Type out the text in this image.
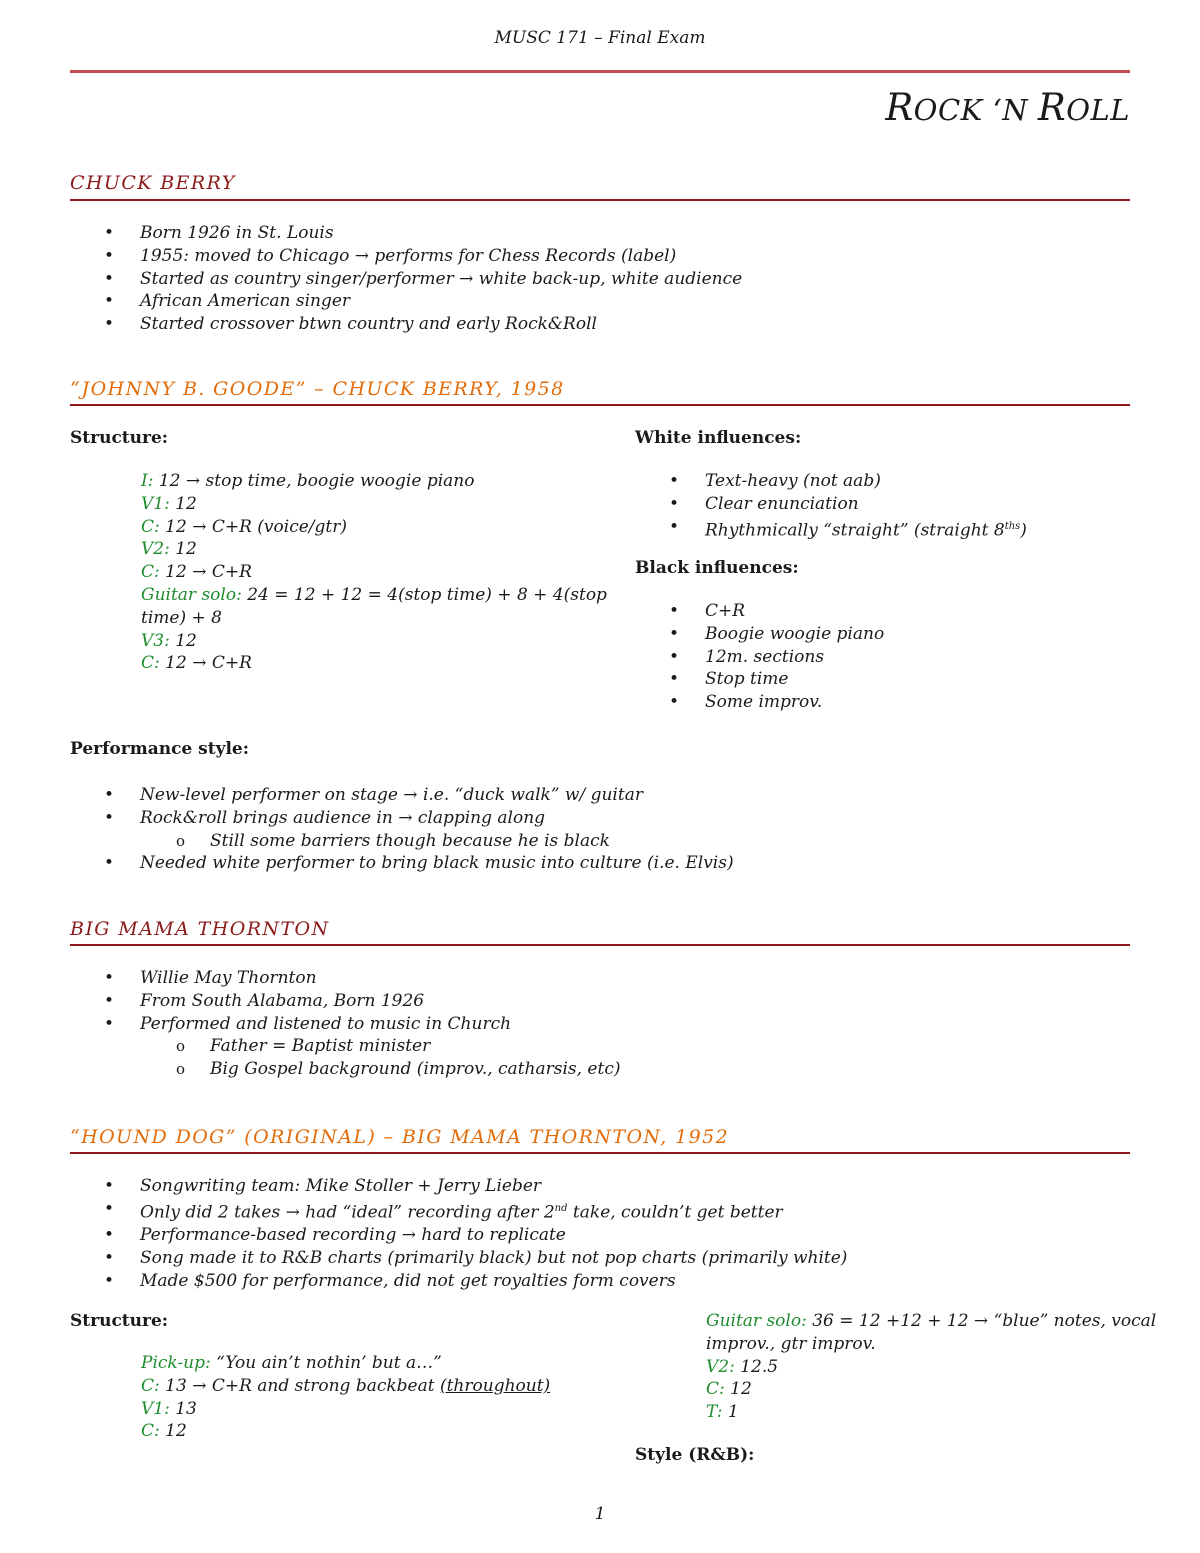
MUSC 171 – Final Exam
ROCK ‘N ROLL
CHUCK BERRY
• Born 1926 in St. Louis
• 1955: moved to Chicago → performs for Chess Records (label)
• Started as country singer/performer → white back-up, white audience
• African American singer
• Started crossover btwn country and early Rock&Roll
“JOHNNY B. GOODE” – CHUCK BERRY, 1958
Structure:
I: 12 → stop time, boogie woogie piano
V1: 12
C: 12 → C+R (voice/gtr)
V2: 12
C: 12 → C+R
Guitar solo: 24 = 12 + 12 = 4(stop time) + 8 + 4(stop
time) + 8
V3: 12
C: 12 → C+R
White influences:
• Text-heavy (not aab)
• Clear enunciation
• Rhythmically “straight” (straight $8^{ths}$)
Black influences:
• C+R
• Boogie woogie piano
• 12m. sections
• Stop time
• Some improv.
Performance style:
• New-level performer on stage → i.e. “duck walk” w/ guitar
• Rock&roll brings audience in → clapping along
o Still some barriers though because he is black
• Needed white performer to bring black music into culture (i.e. Elvis)
BIG MAMA THORNTON
• Willie May Thornton
• From South Alabama, Born 1926
• Performed and listened to music in Church
o Father = Baptist minister
o Big Gospel background (improv., catharsis, etc)
“HOUND DOG” (ORIGINAL) – BIG MAMA THORNTON, 1952
• Songwriting team: Mike Stoller + Jerry Lieber
• Only did 2 takes → had “ideal” recording after 2nd take, couldn’t get better
• Performance-based recording → hard to replicate
• Song made it to R&B charts (primarily black) but not pop charts (primarily white)
• Made $500 for performance, did not get royalties form covers
Structure:
Pick-up: “You ain’t nothin’ but a…”
C: 13 → C+R and strong backbeat (throughout)
V1: 13
C: 12
Guitar solo: 36 = 12 +12 + 12 → “blue” notes, vocal
improv., gtr improv.
V2: 12.5
C: 12
T: 1
Style (R&B):
1
